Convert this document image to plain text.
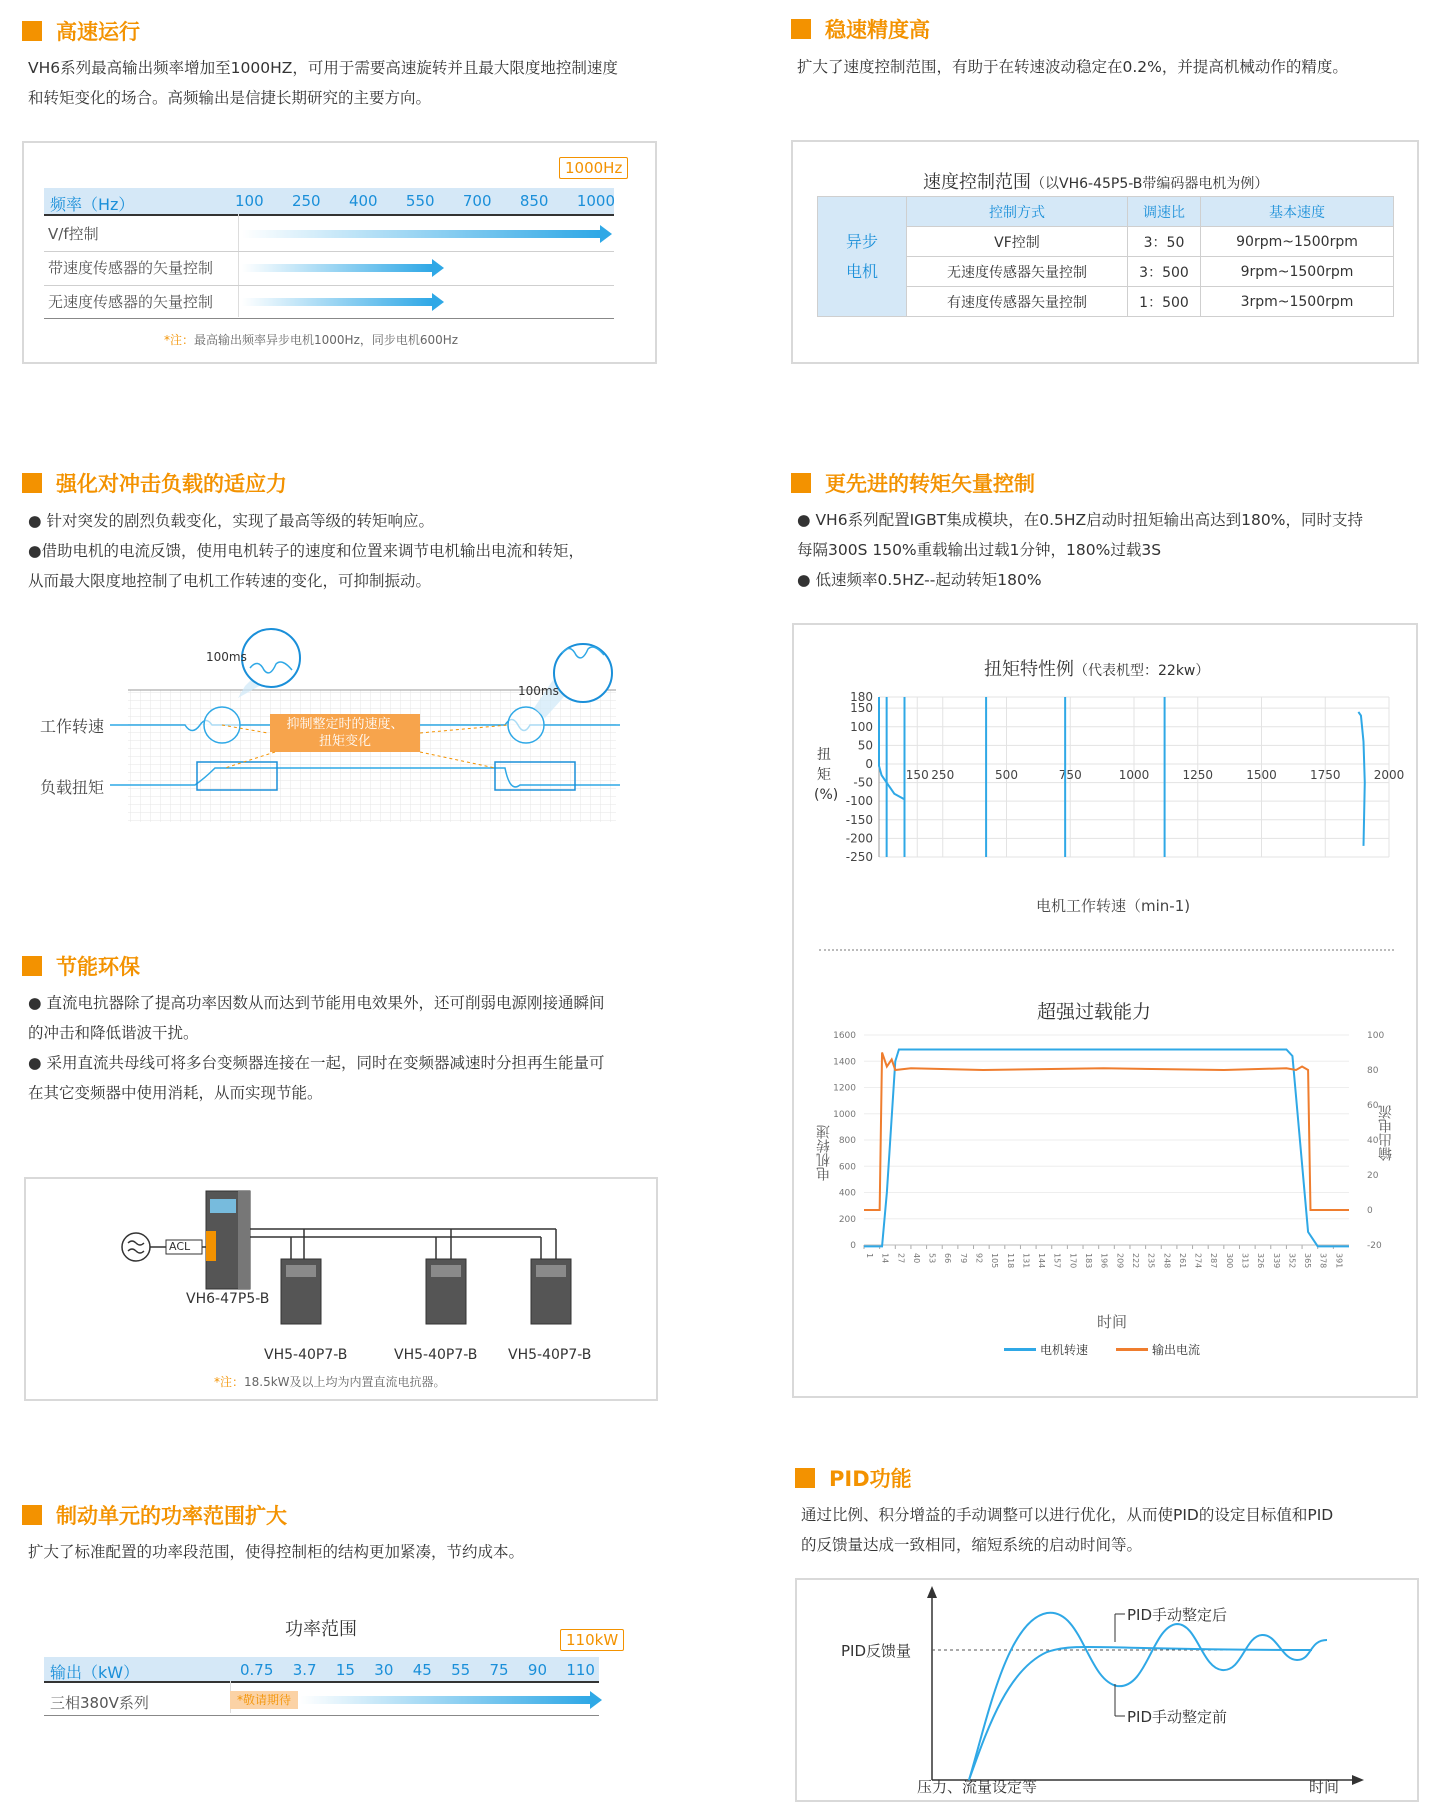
高速运行
VH6系列最高输出频率增加至1000HZ，可用于需要高速旋转并且最大限度地控制速度
和转矩变化的场合。高频输出是信捷长期研究的主要方向。
1000Hz
频率（Hz）	100 250 400 550 700 850 1000
V/f控制
带速度传感器的矢量控制
无速度传感器的矢量控制
*注：最高输出频率异步电机1000Hz，同步电机600Hz
强化对冲击负载的适应力
● 针对突发的剧烈负载变化，实现了最高等级的转矩响应。
●借助电机的电流反馈，使用电机转子的速度和位置来调节电机输出电流和转矩，
从而最大限度地控制了电机工作转速的变化，可抑制振动。
100ms
100ms
工作转速
负载扭矩
抑制整定时的速度、
扭矩变化
节能环保
● 直流电抗器除了提高功率因数从而达到节能用电效果外，还可削弱电源刚接通瞬间
的冲击和降低谐波干扰。
● 采用直流共母线可将多台变频器连接在一起，同时在变频器减速时分担再生能量可
在其它变频器中使用消耗，从而实现节能。
ACL
VH6-47P5-B
VH5-40P7-B	VH5-40P7-B VH5-40P7-B
*注：18.5kW及以上均为内置直流电抗器。
制动单元的功率范围扩大
扩大了标准配置的功率段范围，使得控制柜的结构更加紧凑，节约成本。
功率范围	110kW
输出（kW）	0.75 3.7 15 30 45 55 75 90 110
三相380V系列	*敬请期待
稳速精度高
扩大了速度控制范围，有助于在转速波动稳定在0.2%，并提高机械动作的精度。
速度控制范围（以VH6-45P5-B带编码器电机为例）
异步
电机	控制方式	调速比	基本速度
	VF控制	3：50	90rpm~1500rpm
	无速度传感器矢量控制	3：500	9rpm~1500rpm
	有速度传感器矢量控制	1：500	3rpm~1500rpm
更先进的转矩矢量控制
● VH6系列配置IGBT集成模块，在0.5HZ启动时扭矩输出高达到180%，同时支持
每隔300S 150%重载输出过载1分钟，180%过载3S
● 低速频率0.5HZ--起动转矩180%
扭矩特性例（代表机型：22kw）
扭
矩
(%)
180
150
100
50
0
-50
-100
-150
-200
-250
150 250	500	750	1000	1250	1500	1750	2000
电机工作转速（min-1)
超强过载能力
1600
1400
1200
1000
800
600
400
200
0
100
80
60
40
20
0
-20
1 14 27 40 53 66 79 92 105 118 131 144 157 170 183 196 209 222 235 248 261 274 287 300 313 326 339 352 365 378 391
电机转速	输出电流
时间
电机转速	输出电流
PID功能
通过比例、积分增益的手动调整可以进行优化，从而使PID的设定目标值和PID
的反馈量达成一致相同，缩短系统的启动时间等。
PID反馈量
PID手动整定后
PID手动整定前
压力、流量设定等	时间
